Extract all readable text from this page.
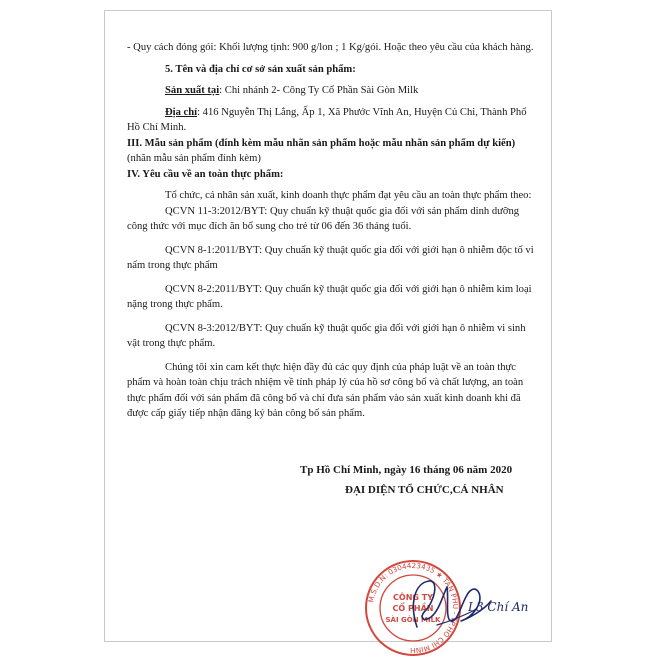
- Quy cách đóng gói: Khối lượng tịnh: 900 g/lon ; 1 Kg/gói. Hoặc theo yêu cầu của khách hàng.

5. Tên và địa chỉ cơ sở sản xuất sản phẩm:

Sản xuất tại: Chi nhánh 2- Công Ty Cổ Phần Sài Gòn Milk

Địa chỉ: 416 Nguyễn Thị Lắng, Ấp 1, Xã Phước Vĩnh An, Huyện Củ Chi, Thành Phố Hồ Chí Minh.

III. Mẫu sản phẩm (đính kèm mẫu nhãn sản phẩm hoặc mẫu nhãn sản phẩm dự kiến) (nhãn mẫu sản phẩm đính kèm)

IV. Yêu cầu về an toàn thực phẩm:

Tổ chức, cá nhân sản xuất, kinh doanh thực phẩm đạt yêu cầu an toàn thực phẩm theo:

QCVN 11-3:2012/BYT: Quy chuẩn kỹ thuật quốc gia đối với sản phẩm dinh dưỡng công thức với mục đích ăn bổ sung cho trẻ từ 06 đến 36 tháng tuổi.

QCVN 8-1:2011/BYT: Quy chuẩn kỹ thuật quốc gia đối với giới hạn ô nhiễm độc tố vi nấm trong thực phẩm

QCVN 8-2:2011/BYT: Quy chuẩn kỹ thuật quốc gia đối với giới hạn ô nhiễm kim loại nặng trong thực phẩm.

QCVN 8-3:2012/BYT: Quy chuẩn kỹ thuật quốc gia đối với giới hạn ô nhiễm vi sinh vật trong thực phẩm.

Chúng tôi xin cam kết thực hiện đầy đủ các quy định của pháp luật về an toàn thực phẩm và hoàn toàn chịu trách nhiệm về tính pháp lý của hồ sơ công bố và chất lượng, an toàn thực phẩm đối với sản phẩm đã công bố và chỉ đưa sản phẩm vào sản xuất kinh doanh khi đã được cấp giấy tiếp nhận đăng ký bản công bố sản phẩm.

Tp Hồ Chí Minh, ngày 16 tháng 06 năm 2020
ĐẠI DIỆN TỔ CHỨC,CÁ NHÂN
M.S.D.N: 0304423435 ★ TÂN PHÚ - TP.HỒ CHÍ MINH
CÔNG TY
CỔ PHẦN
SÀI GÒN MILK
L3 Chí An
